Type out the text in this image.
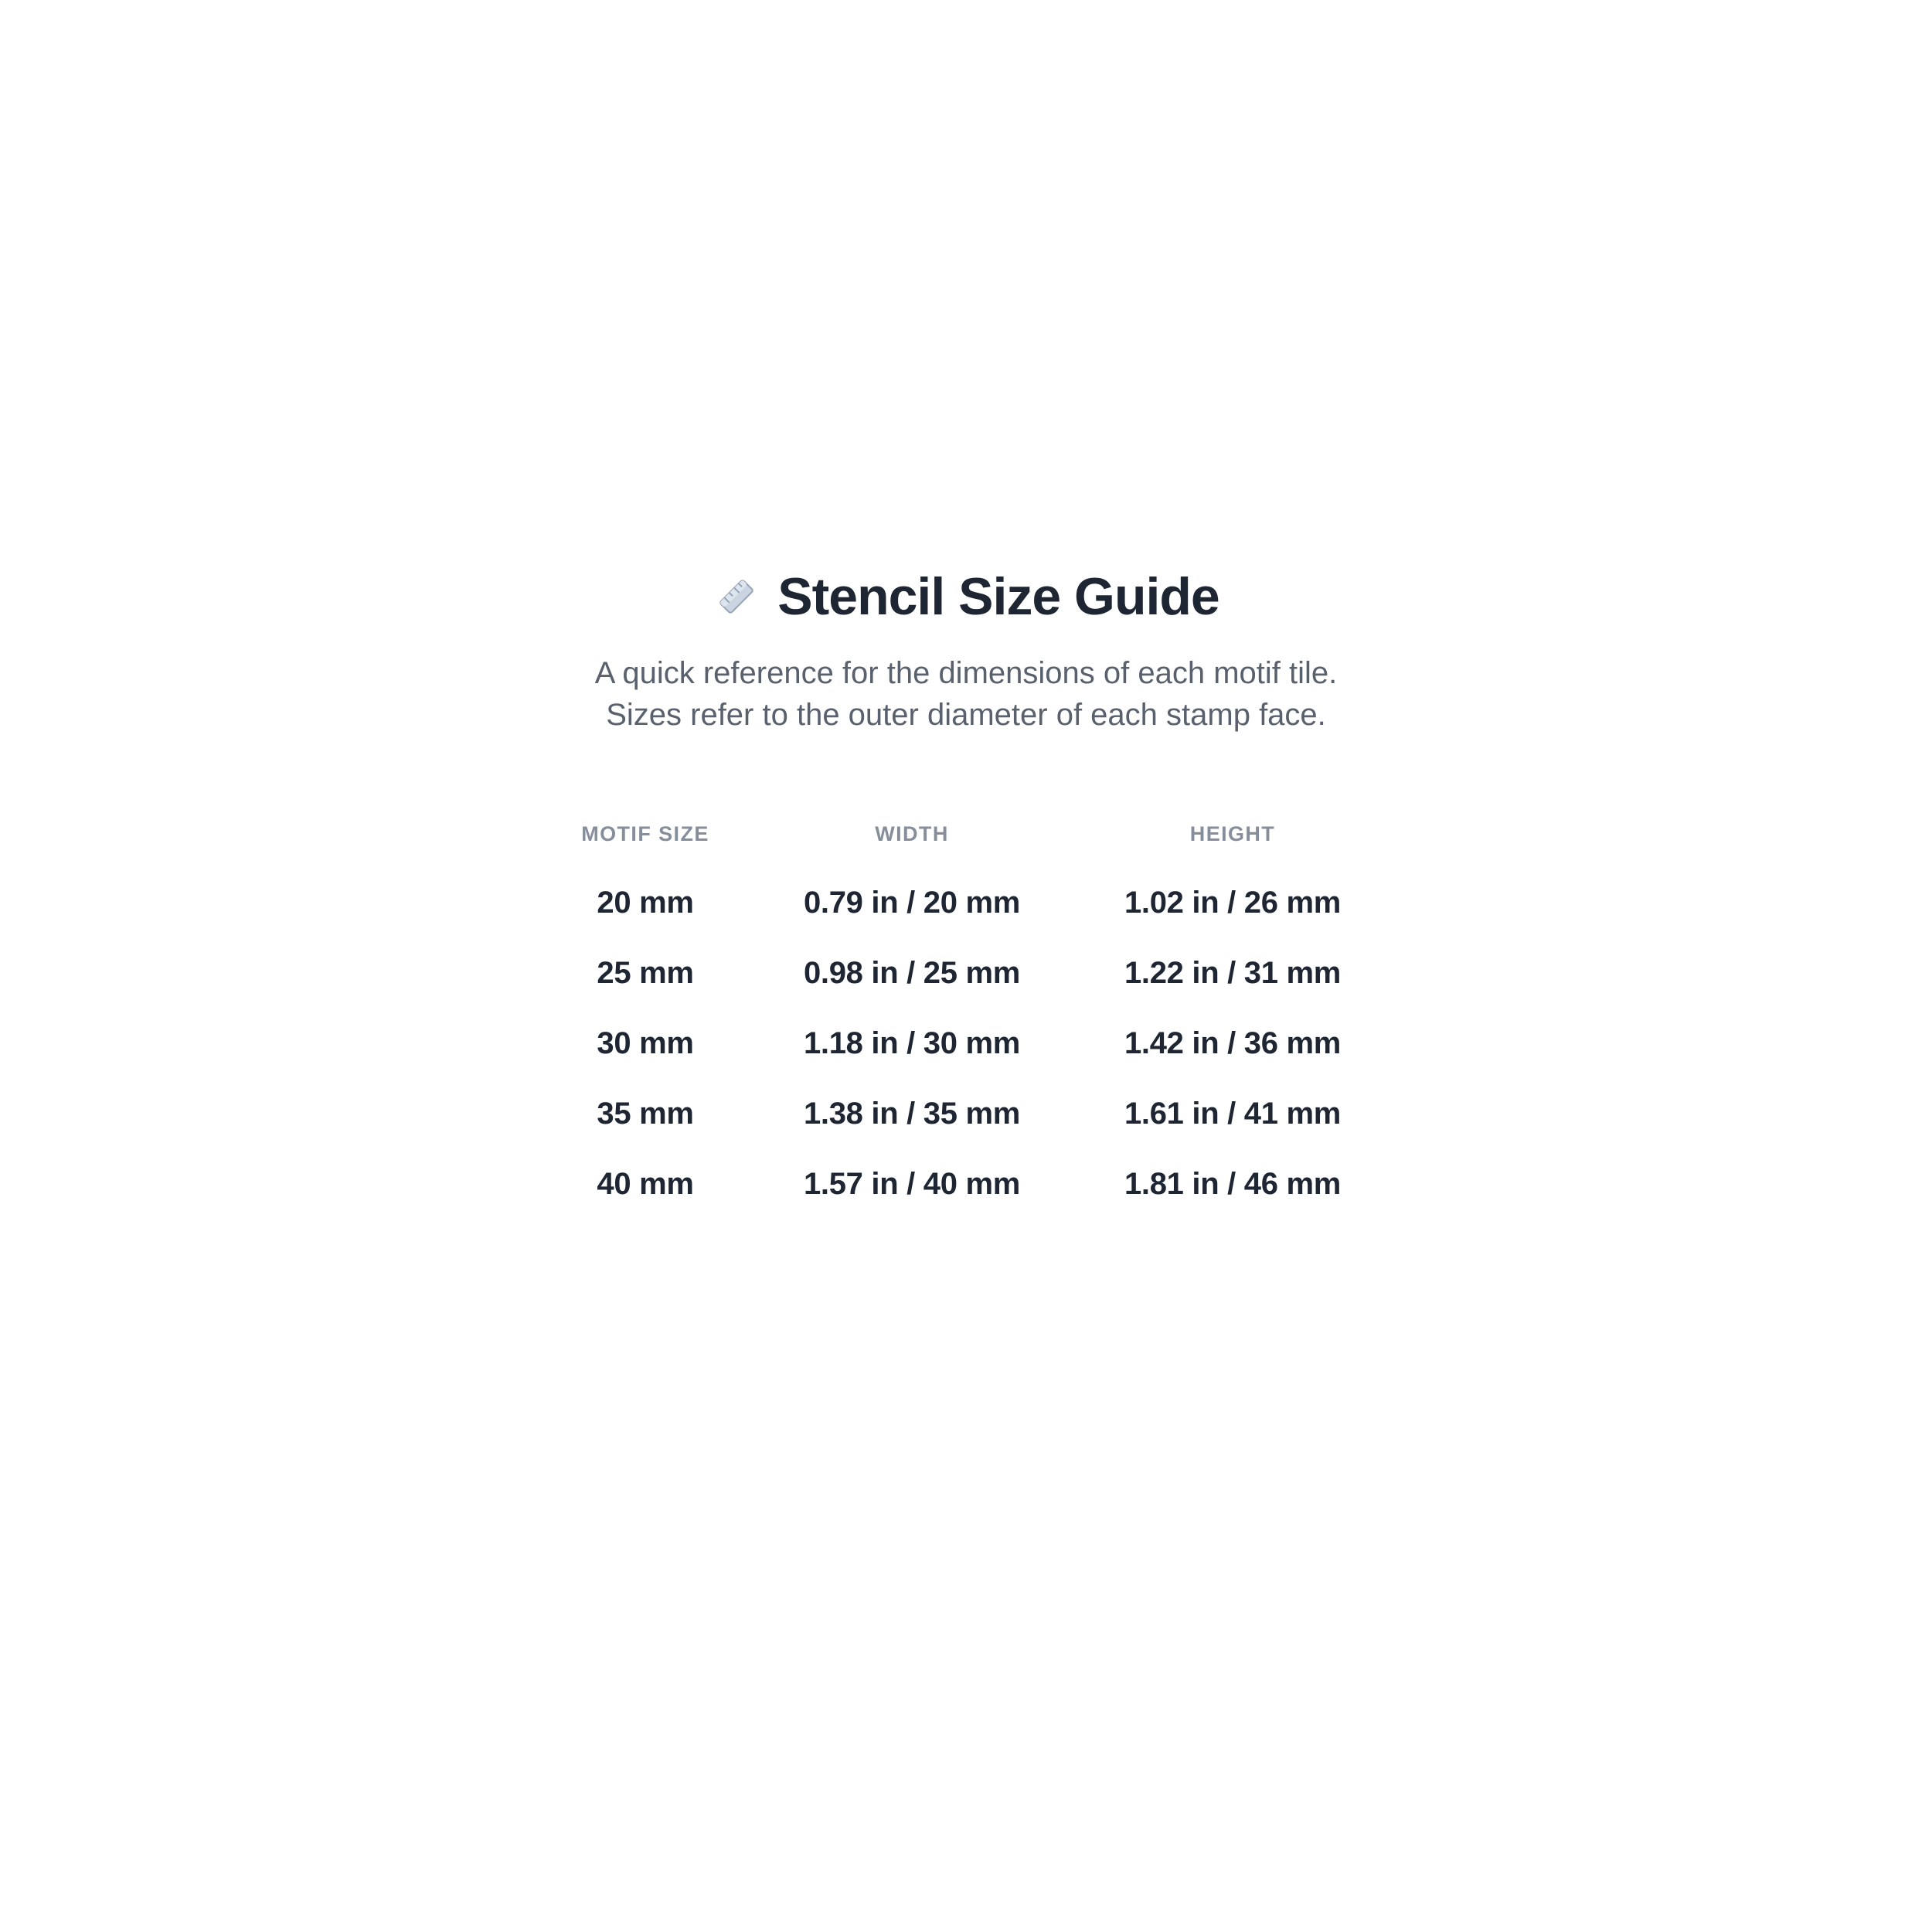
Stencil Size Guide
A quick reference for the dimensions of each motif tile.
Sizes refer to the outer diameter of each stamp face.
MOTIF SIZE	WIDTH	HEIGHT
20 mm	0.79 in / 20 mm	1.02 in / 26 mm
25 mm	0.98 in / 25 mm	1.22 in / 31 mm
30 mm	1.18 in / 30 mm	1.42 in / 36 mm
35 mm	1.38 in / 35 mm	1.61 in / 41 mm
40 mm	1.57 in / 40 mm	1.81 in / 46 mm
